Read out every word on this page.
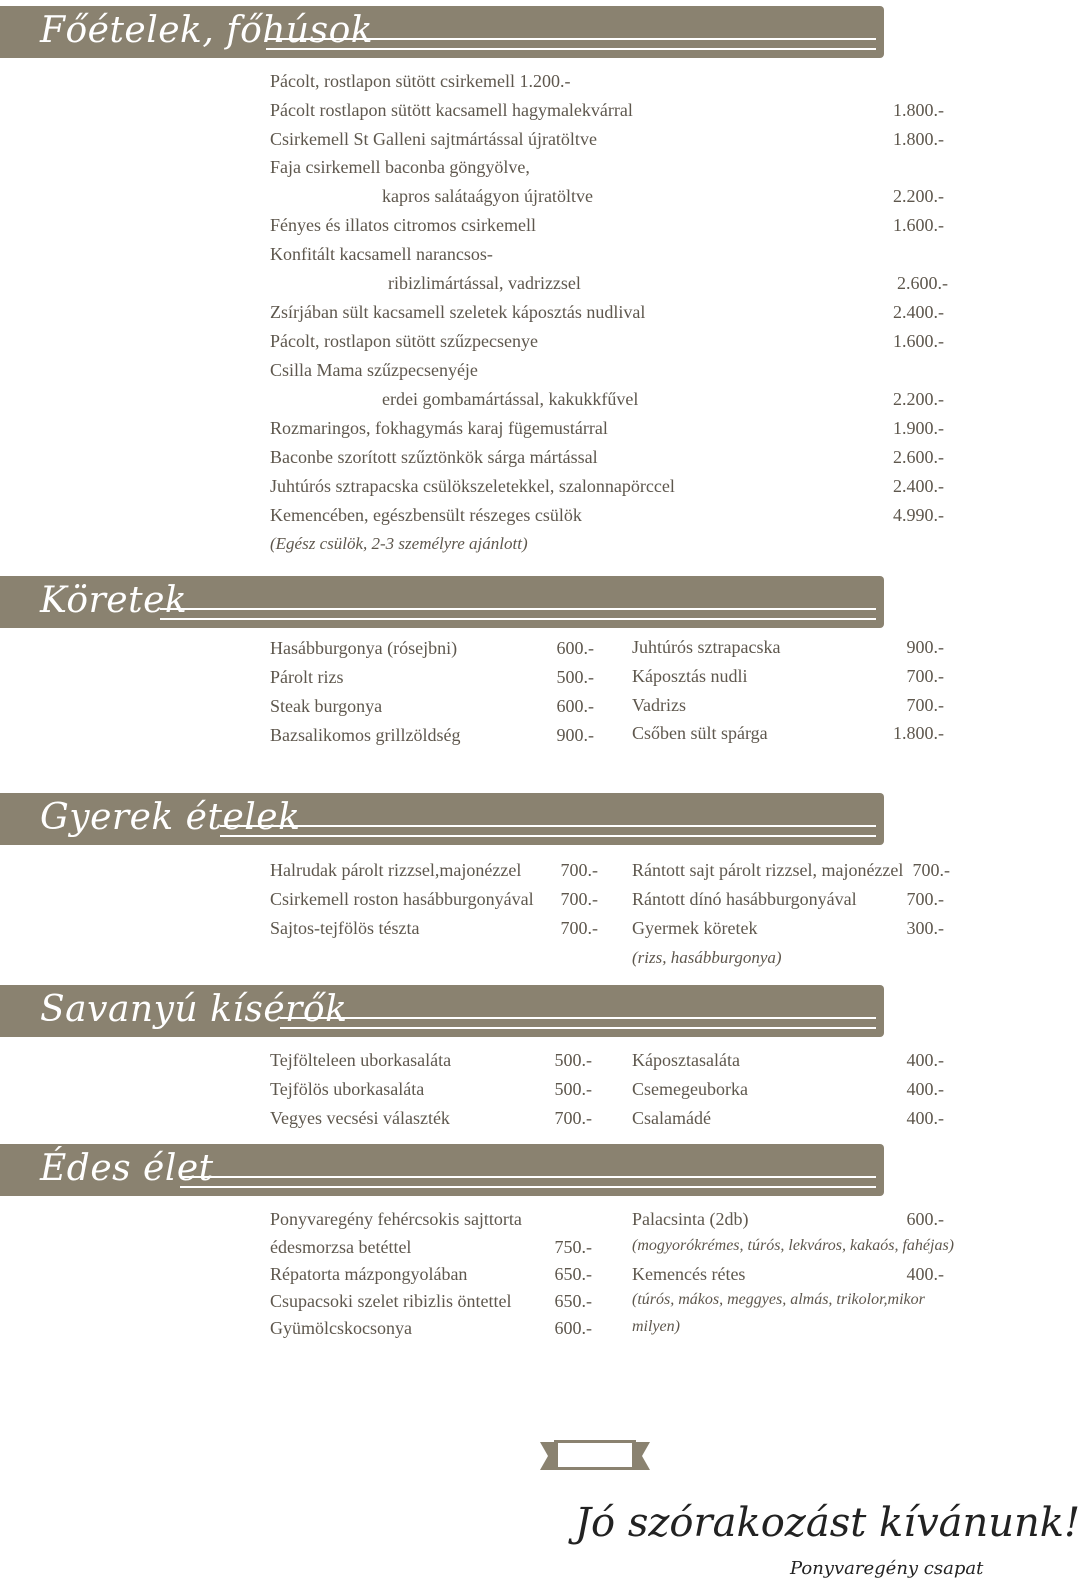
Főételek, főhúsok
Pácolt, rostlapon sütött csirkemell 1.200.-
Pácolt rostlapon sütött kacsamell hagymalekvárral	1.800.-
Csirkemell St Galleni sajtmártással újratöltve	1.800.-
Faja csirkemell baconba göngyölve,
kapros salátaágyon újratöltve	2.200.-
Fényes és illatos citromos csirkemell	1.600.-
Konfitált kacsamell narancsos-
ribizlimártással, vadrizzsel	2.600.-
Zsírjában sült kacsamell szeletek káposztás nudlival	2.400.-
Pácolt, rostlapon sütött szűzpecsenye	1.600.-
Csilla Mama szűzpecsenyéje
erdei gombamártással, kakukkfűvel	2.200.-
Rozmaringos, fokhagymás karaj fügemustárral	1.900.-
Baconbe szorított szűztönkök sárga mártással	2.600.-
Juhtúrós sztrapacska csülökszeletekkel, szalonnapörccel	2.400.-
Kemencében, egészbensült részeges csülök	4.990.-
(Egész csülök, 2-3 személyre ajánlott)
Köretek
Hasábburgonya (rósejbni)	600.-
Párolt rizs	500.-
Steak burgonya	600.-
Bazsalikomos grillzöldség	900.-
Juhtúrós sztrapacska	900.-
Káposztás nudli	700.-
Vadrizs	700.-
Csőben sült spárga	1.800.-
Gyerek ételek
Halrudak párolt rizzsel,majonézzel	700.-
Csirkemell roston hasábburgonyával	700.-
Sajtos-tejfölös tészta	700.-
Rántott sajt párolt rizzsel, majonézzel 700.-
Rántott dínó hasábburgonyával	700.-
Gyermek köretek	300.-
(rizs, hasábburgonya)
Savanyú kísérők
Tejfölteleen uborkasaláta	500.-
Tejfölös uborkasaláta	500.-
Vegyes vecsési választék	700.-
Káposztasaláta	400.-
Csemegeuborka	400.-
Csalamádé	400.-
Édes élet
Ponyvaregény fehércsokis sajttorta
édesmorzsa betéttel	750.-
Répatorta mázpongyolában	650.-
Csupacsoki szelet ribizlis öntettel	650.-
Gyümölcskocsonya	600.-
Palacsinta (2db)	600.-
(mogyorókrémes, túrós, lekváros, kakaós, fahéjas)
Kemencés rétes	400.-
(túrós, mákos, meggyes, almás, trikolor,mikor
milyen)
Jó szórakozást kívánunk!
Ponyvaregény csapat
